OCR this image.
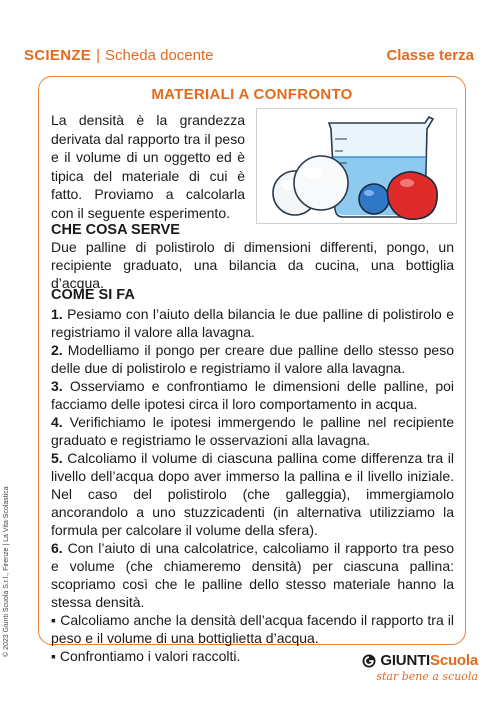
SCIENZE | Scheda docente	Classe terza
MATERIALI A CONFRONTO
La densità è la grandezza derivata dal rapporto tra il peso e il volume di un oggetto ed è tipica del materiale di cui è fatto. Proviamo a calcolarla con il seguente esperimento.
CHE COSA SERVE
Due palline di polistirolo di dimensioni differenti, pongo, un recipiente graduato, una bilancia da cucina, una bottiglia d’acqua.
COME SI FA

1. Pesiamo con l’aiuto della bilancia le due palline di polistirolo e registriamo il valore alla lavagna.

2. Modelliamo il pongo per creare due palline dello stesso peso delle due di polistirolo e registriamo il valore alla lavagna.

3. Osserviamo e confrontiamo le dimensioni delle palline, poi facciamo delle ipotesi circa il loro comportamento in acqua.

4. Verifichiamo le ipotesi immergendo le palline nel recipiente graduato e registriamo le osservazioni alla lavagna.

5. Calcoliamo il volume di ciascuna pallina come differenza tra il livello dell’acqua dopo aver immerso la pallina e il livello iniziale. Nel caso del polistirolo (che galleggia), immergiamolo ancorandolo a uno stuzzicadenti (in alternativa utilizziamo la formula per calcolare il volume della sfera).

6. Con l’aiuto di una calcolatrice, calcoliamo il rapporto tra peso e volume (che chiameremo densità) per ciascuna pallina: scopriamo così che le palline dello stesso materiale hanno la stessa densità.

▪ Calcoliamo anche la densità dell’acqua facendo il rapporto tra il peso e il volume di una bottiglietta d’acqua.

▪ Confrontiamo i valori raccolti.

© 2023 Giunti Scuola S.r.l., Firenze | La Vita Scolastica
GIUNTIScuola
star bene a scuola
